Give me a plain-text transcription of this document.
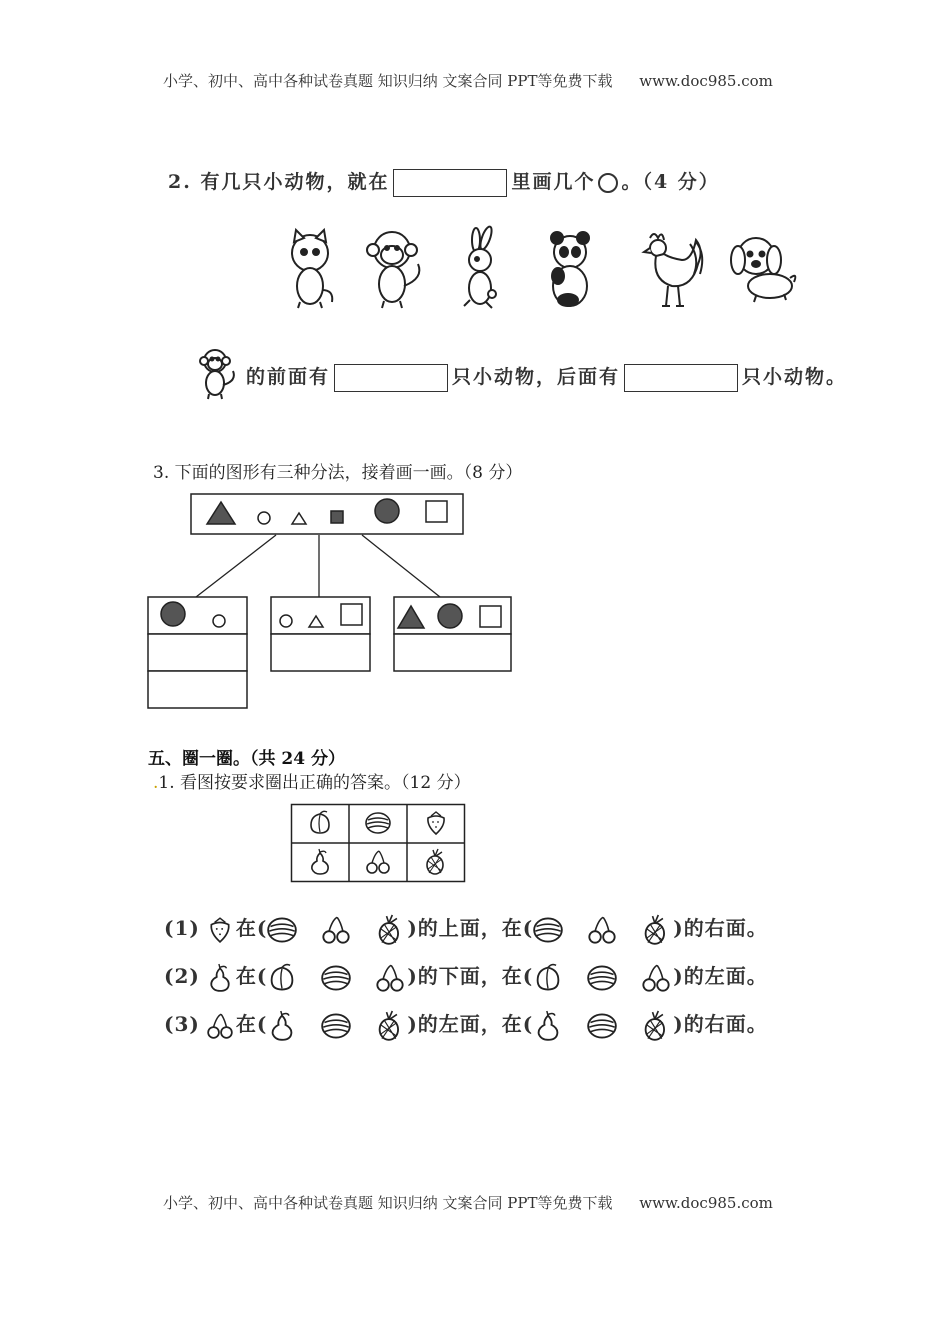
小学、初中、高中各种试卷真题 知识归纳 文案合同 PPT等免费下载 www.doc985.com
2. 有几只小动物，就在	里画几个 。（4 分）
的前面有	只小动物，后面有	只小动物。
3. 下面的图形有三种分法，接着画一画。（8 分）
五、圈一圈。（共 24 分）
.1. 看图按要求圈出正确的答案。（12 分）
(1) 在(	)的上面，在(	)的右面。
(2) 在(	)的下面，在(	)的左面。
(3) 在(	)的左面，在(	)的右面。
小学、初中、高中各种试卷真题 知识归纳 文案合同 PPT等免费下载 www.doc985.com
